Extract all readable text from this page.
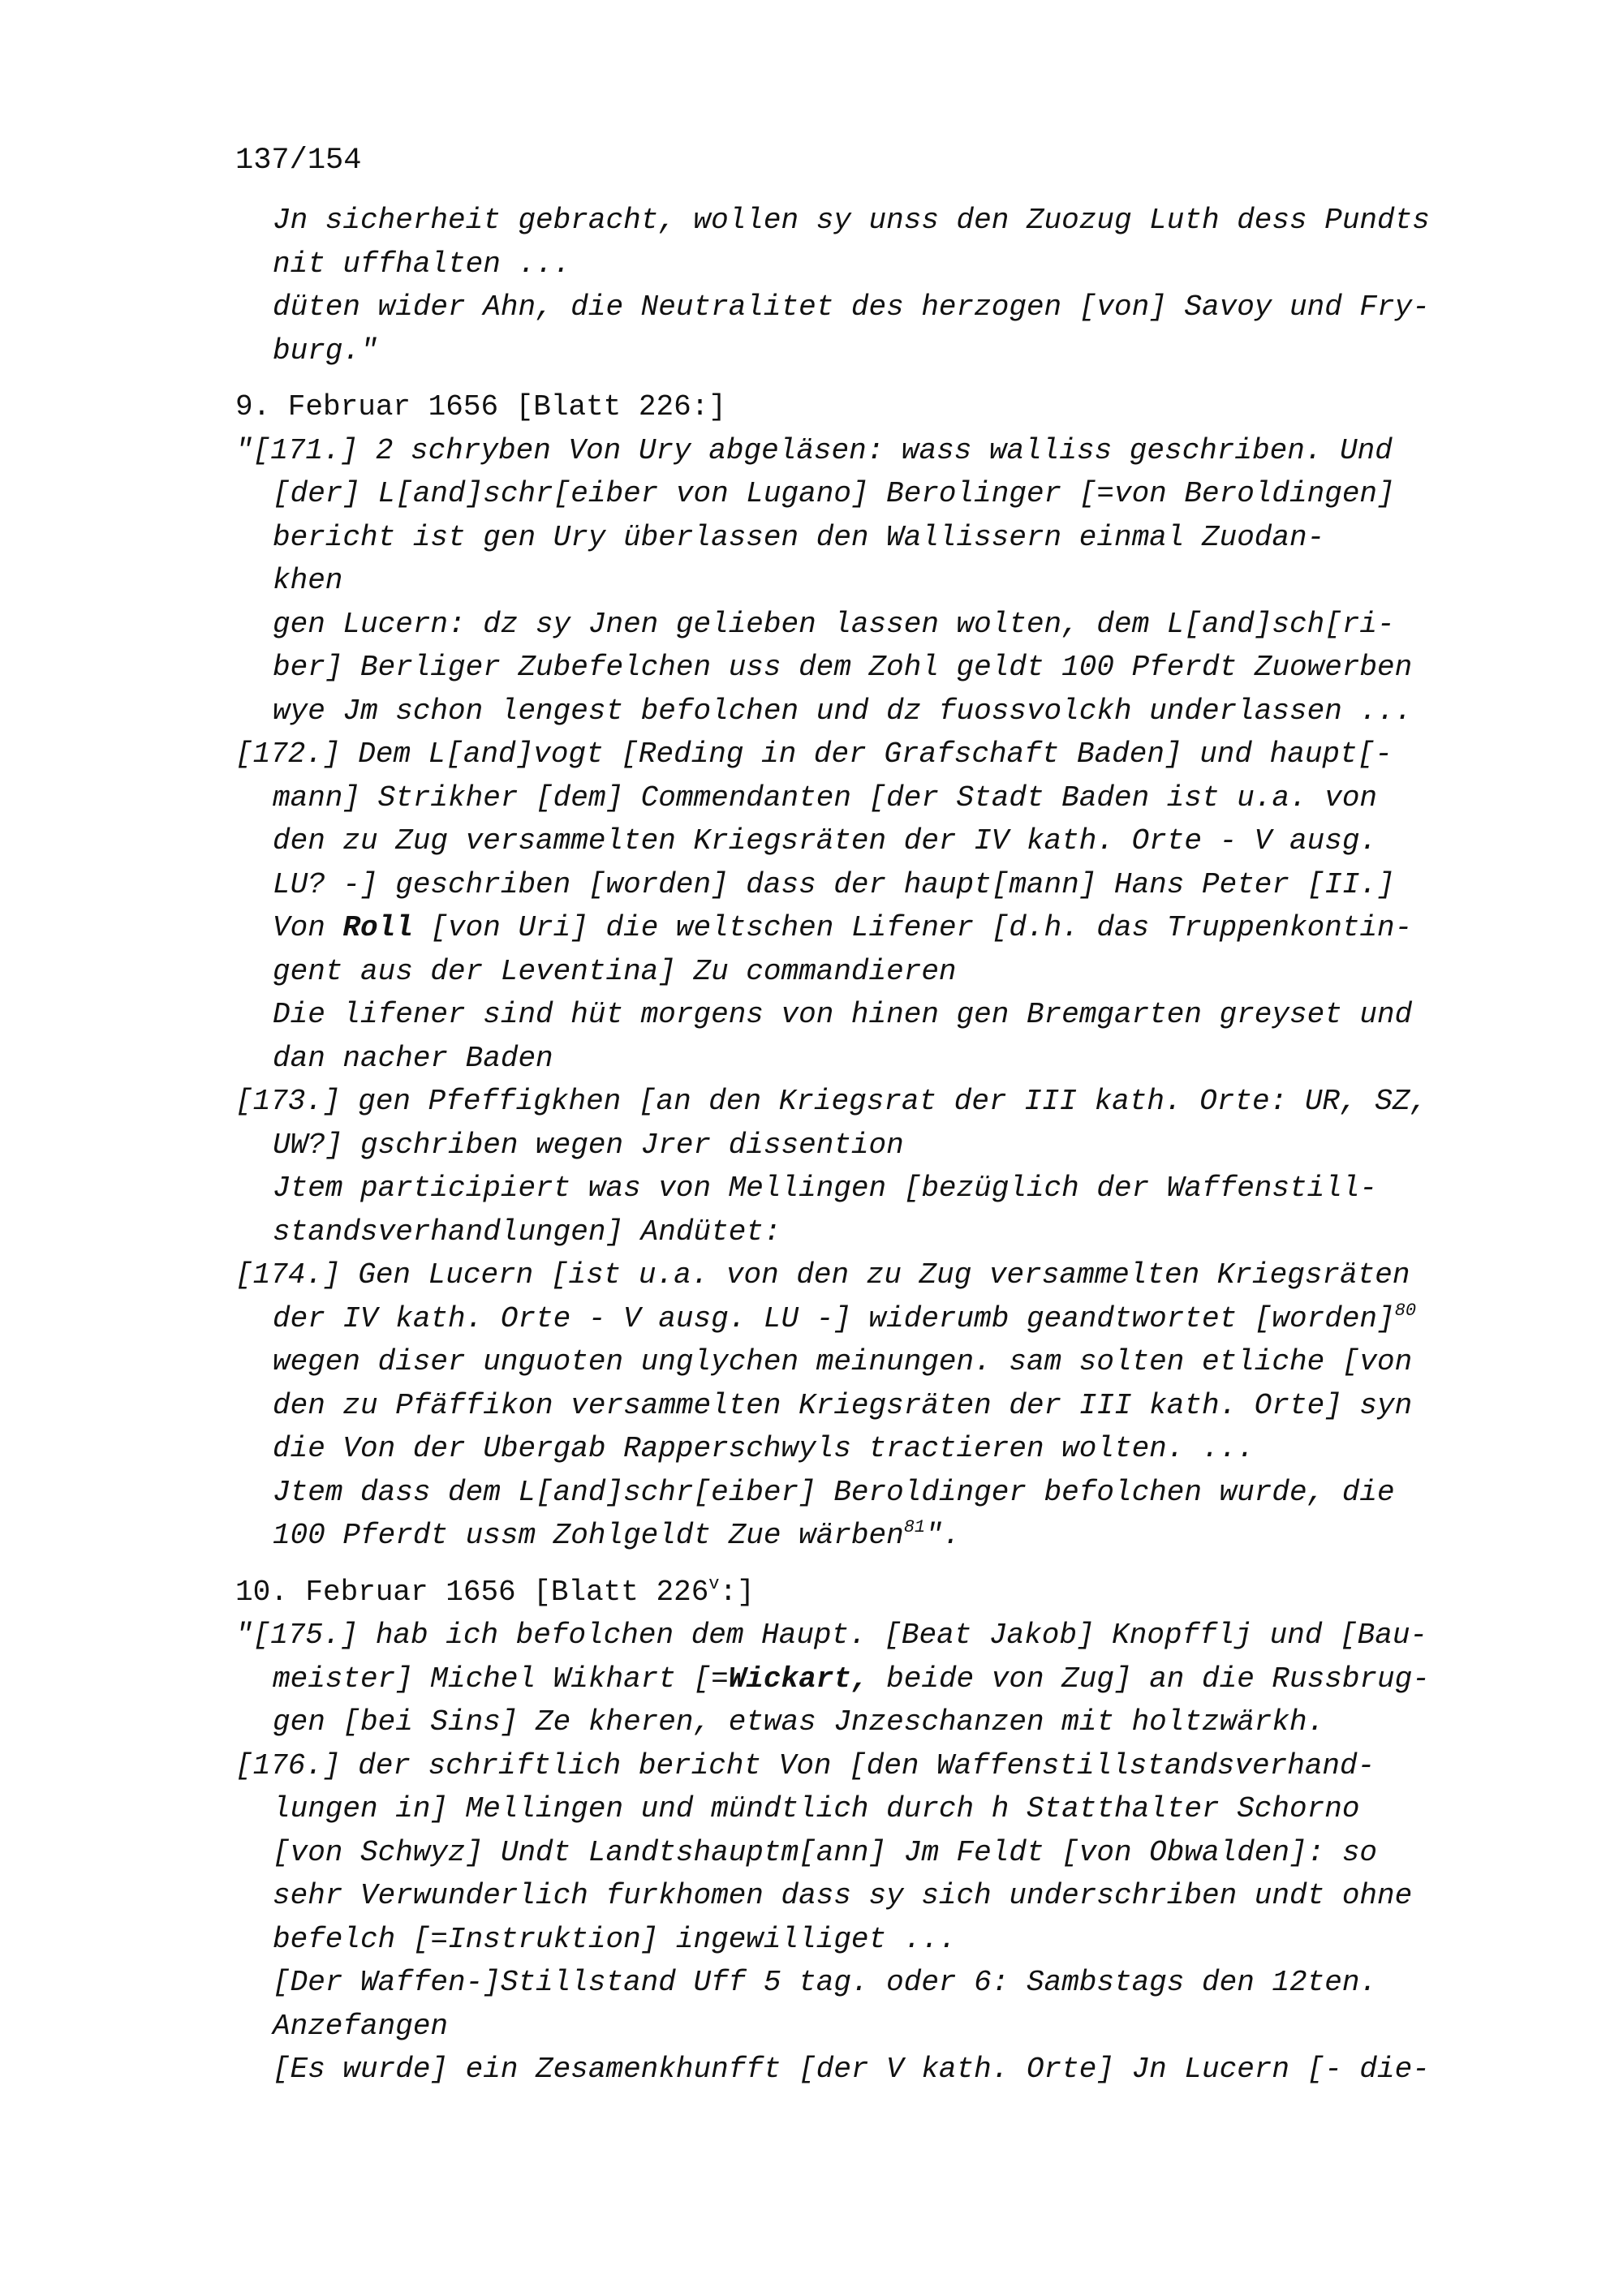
137/154
Jn sicherheit gebracht, wollen sy unss den Zuozug Luth dess Pundts
nit uffhalten ...
düten wider Ahn, die Neutralitet des herzogen [von] Savoy und Fry-
burg."
9. Februar 1656 [Blatt 226:]
"[171.] 2 schryben Von Ury abgeläsen: wass walliss geschriben. Und
[der] L[and]schr[eiber von Lugano] Berolinger [=von Beroldingen]
bericht ist gen Ury überlassen den Wallissern einmal Zuodan-
khen
gen Lucern: dz sy Jnen gelieben lassen wolten, dem L[and]sch[ri-
ber] Berliger Zubefelchen uss dem Zohl geldt 100 Pferdt Zuowerben
wye Jm schon lengest befolchen und dz fuossvolckh underlassen ...
[172.] Dem L[and]vogt [Reding in der Grafschaft Baden] und haupt[-
mann] Strikher [dem] Commendanten [der Stadt Baden ist u.a. von
den zu Zug versammelten Kriegsräten der IV kath. Orte - V ausg.
LU? -] geschriben [worden] dass der haupt[mann] Hans Peter [II.]
Von Roll [von Uri] die weltschen Lifener [d.h. das Truppenkontin-
gent aus der Leventina] Zu commandieren
Die lifener sind hüt morgens von hinen gen Bremgarten greyset und
dan nacher Baden
[173.] gen Pfeffigkhen [an den Kriegsrat der III kath. Orte: UR, SZ,
UW?] gschriben wegen Jrer dissention
Jtem participiert was von Mellingen [bezüglich der Waffenstill-
standsverhandlungen] Andütet:
[174.] Gen Lucern [ist u.a. von den zu Zug versammelten Kriegsräten
der IV kath. Orte - V ausg. LU -] widerumb geandtwortet [worden]$^{80}$
wegen diser unguoten unglychen meinungen. sam solten etliche [von
den zu Pfäffikon versammelten Kriegsräten der III kath. Orte] syn
die Von der Ubergab Rapperschwyls tractieren wolten. ...
Jtem dass dem L[and]schr[eiber] Beroldinger befolchen wurde, die
100 Pferdt ussm Zohlgeldt Zue wärben$^{81}$".
10. Februar 1656 [Blatt 226$^v$:]
"[175.] hab ich befolchen dem Haupt. [Beat Jakob] Knopfflj und [Bau-
meister] Michel Wikhart [=Wickart, beide von Zug] an die Russbrug-
gen [bei Sins] Ze kheren, etwas Jnzeschanzen mit holtzwärkh.
[176.] der schriftlich bericht Von [den Waffenstillstandsverhand-
lungen in] Mellingen und mündtlich durch h Statthalter Schorno
[von Schwyz] Undt Landtshauptm[ann] Jm Feldt [von Obwalden]: so
sehr Verwunderlich furkhomen dass sy sich underschriben undt ohne
befelch [=Instruktion] ingewilliget ...
[Der Waffen-]Stillstand Uff 5 tag. oder 6: Sambstags den 12ten.
Anzefangen
[Es wurde] ein Zesamenkhunfft [der V kath. Orte] Jn Lucern [- die-
